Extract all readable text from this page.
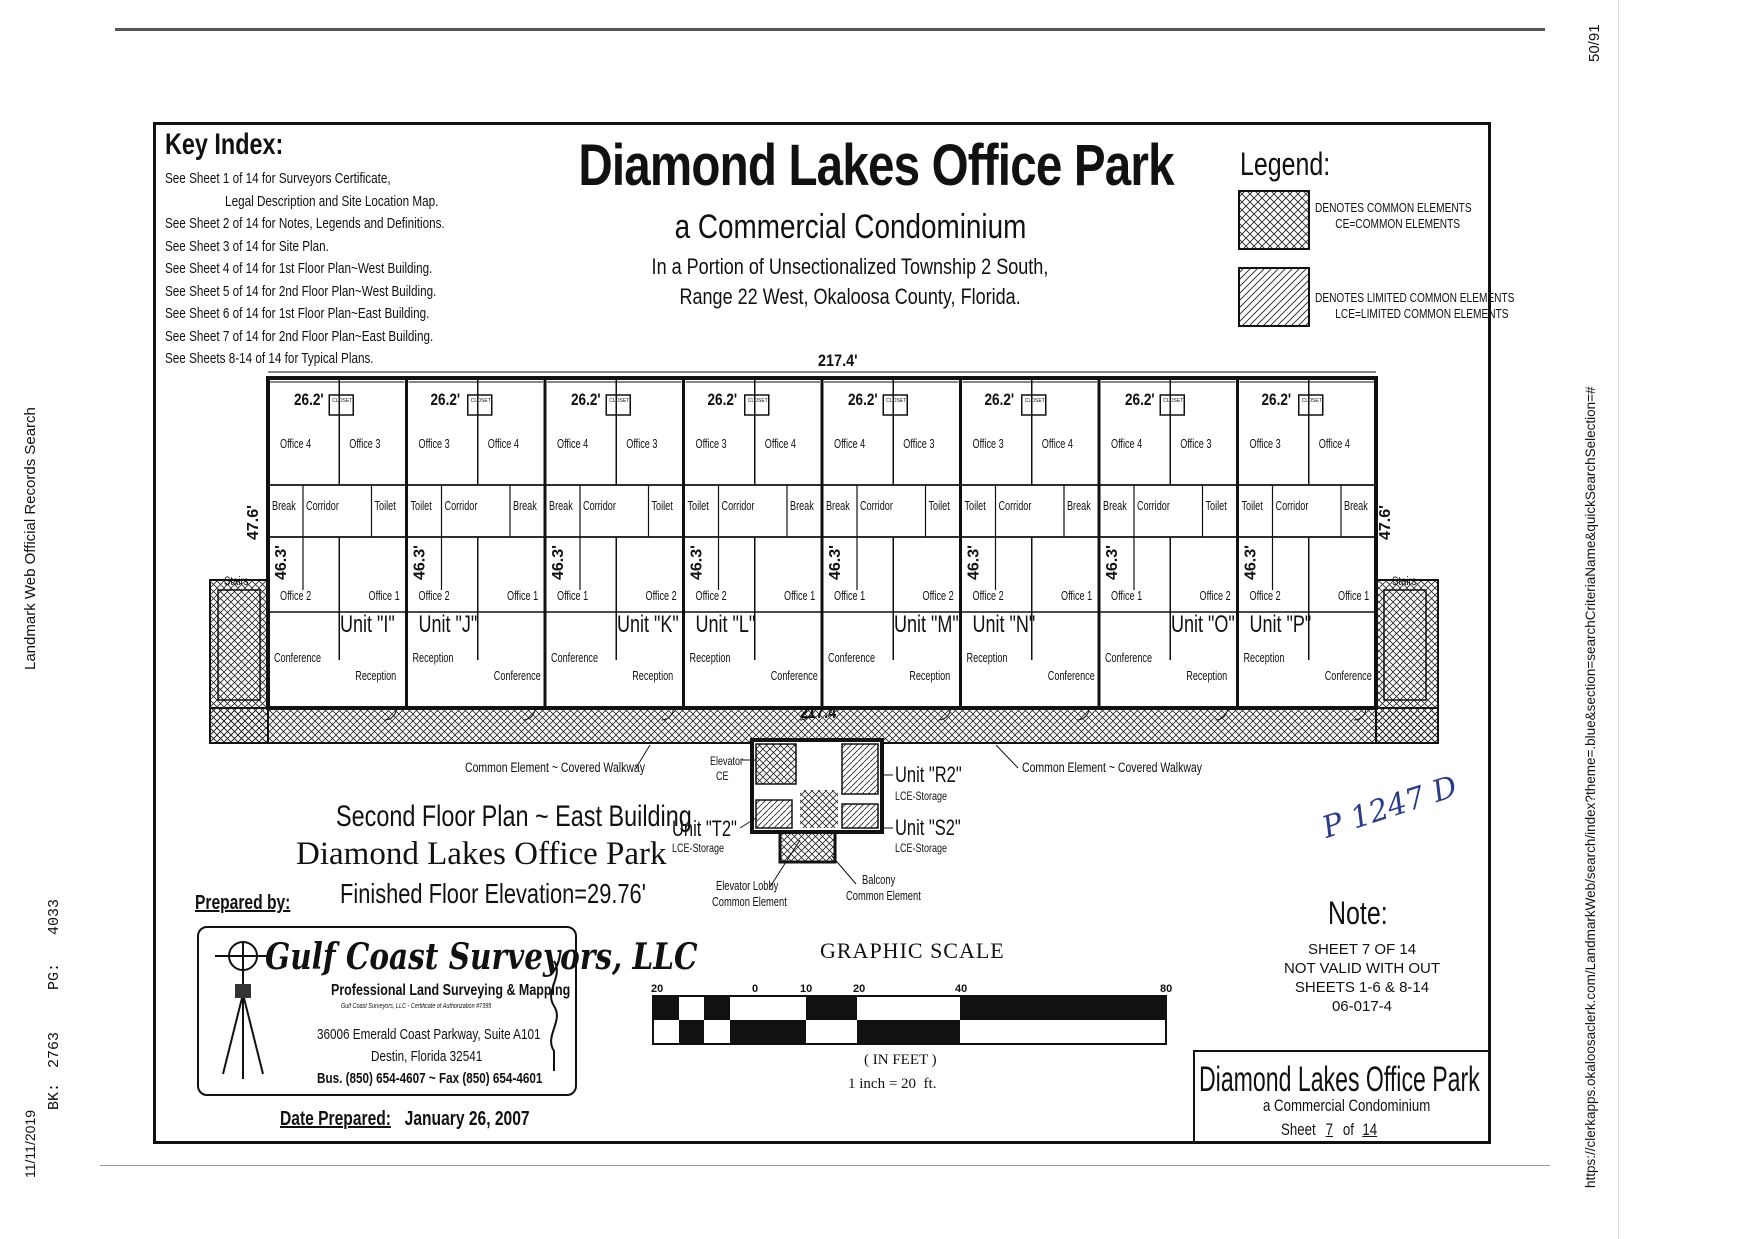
50/91
https://clerkapps.okaloosaclerk.com/LandmarkWeb/search/index?theme=.blue&section=searchCriteriaName&quickSearchSelection=#
Landmark Web Official Records Search
11/11/2019
BK:
2763
PG:
4033
Key Index:
See Sheet 1 of 14 for Surveyors Certificate,
Legal Description and Site Location Map.
See Sheet 2 of 14 for Notes, Legends and Definitions.
See Sheet 3 of 14 for Site Plan.
See Sheet 4 of 14 for 1st Floor Plan~West Building.
See Sheet 5 of 14 for 2nd Floor Plan~West Building.
See Sheet 6 of 14 for 1st Floor Plan~East Building.
See Sheet 7 of 14 for 2nd Floor Plan~East Building.
See Sheets 8-14 of 14 for Typical Plans.
Diamond Lakes Office Park
a Commercial Condominium
In a Portion of Unsectionalized Township 2 South,
Range 22 West, Okaloosa County, Florida.
Legend:
DENOTES COMMON ELEMENTS
CE=COMMON ELEMENTS
DENOTES LIMITED COMMON ELEMENTS
LCE=LIMITED COMMON ELEMENTS
Stairs	Stairs
217.4'
217.4'
47.6'	47.6'
26.2' CLOSET
46.3'
Office 4	Office 3
Break Corridor	Toilet
Office 2	Office 1
Conference
Reception
Unit "I"
26.2' CLOSET
46.3'
Office 3	Office 4
Toilet Corridor	Break
Office 2	Office 1
Reception
Conference
Unit "J"
26.2' CLOSET
46.3'
Office 4	Office 3
Break Corridor	Toilet
Office 1	Office 2
Conference
Reception
Unit "K"
26.2' CLOSET
46.3'
Office 3	Office 4
Toilet Corridor	Break
Office 2	Office 1
Reception
Conference
Unit "L"
26.2' CLOSET
46.3'
Office 4	Office 3
Break Corridor	Toilet
Office 1	Office 2
Conference
Reception
Unit "M"
26.2' CLOSET
46.3'
Office 3	Office 4
Toilet Corridor	Break
Office 2	Office 1
Reception
Conference
Unit "N"
26.2' CLOSET
46.3'
Office 4	Office 3
Break Corridor	Toilet
Office 1	Office 2
Conference
Reception
Unit "O"
26.2' CLOSET
46.3'
Office 3	Office 4
Toilet Corridor	Break
Office 2	Office 1
Reception
Conference
Unit "P"
Common Element ~ Covered Walkway	Common Element ~ Covered Walkway
Elevator
CE	Unit "R2"
LCE-Storage
Unit "S2"
LCE-Storage
Unit "T2"
LCE-Storage
Elevator Lobby
Common Element
Balcony
Common Element
Second Floor Plan ~ East Building
Diamond Lakes Office Park
Finished Floor Elevation=29.76'
Prepared by:
Gulf Coast Surveyors, LLC
Professional Land Surveying & Mapping
Gulf Coast Surveyors, LLC - Certificate of Authorization #7395
36006 Emerald Coast Parkway, Suite A101
Destin, Florida 32541
Bus. (850) 654-4607 ~ Fax (850) 654-4601
Date Prepared: January 26, 2007
GRAPHIC SCALE
20	0	10	20	40	80
( IN FEET )
1 inch = 20  ft.
Note:
SHEET 7 OF 14
NOT VALID WITH OUT
SHEETS 1-6 & 8-14
06-017-4
Diamond Lakes Office Park
a Commercial Condominium
Sheet 7 of 14
P 1247 D
